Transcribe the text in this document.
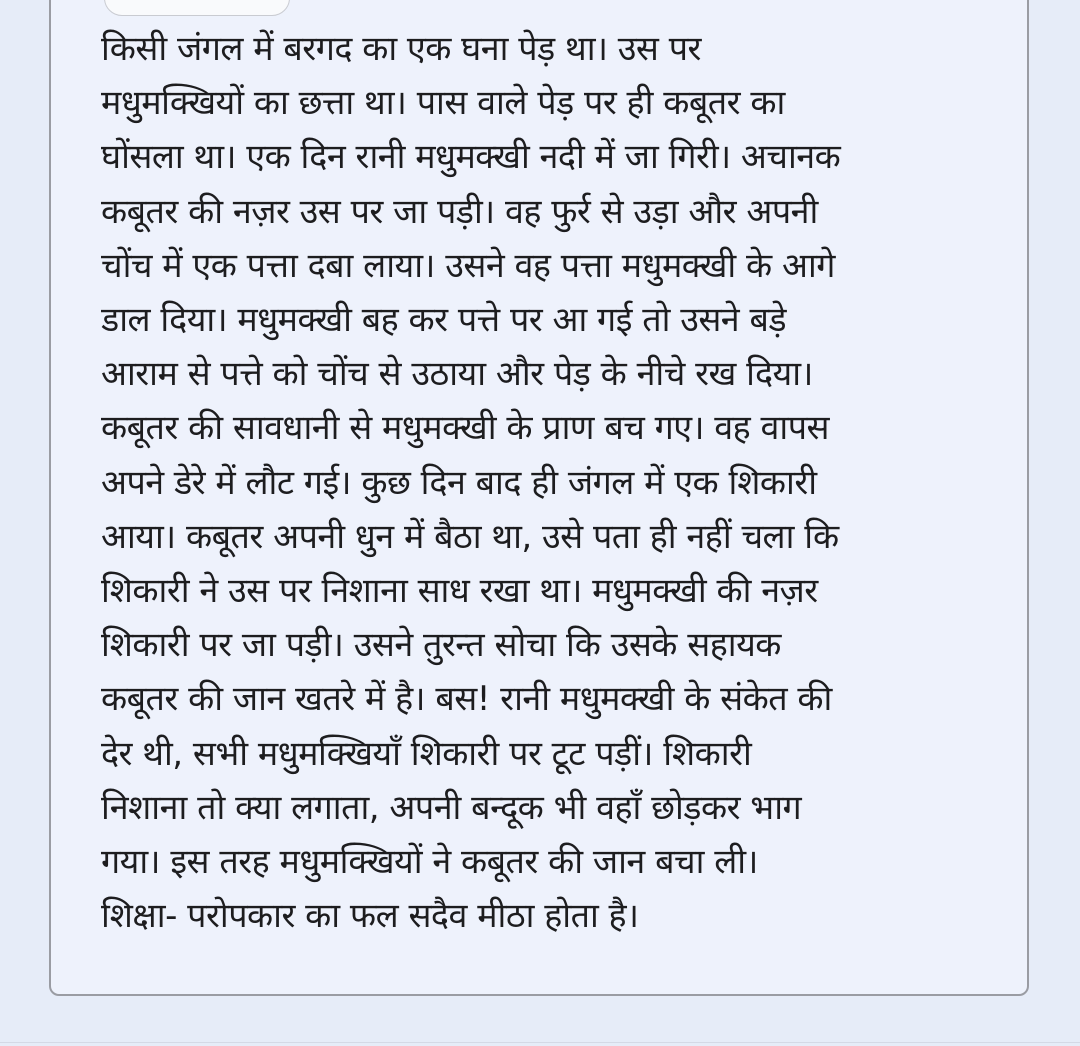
किसी जंगल में बरगद का एक घना पेड़ था। उस पर
मधुमक्खियों का छत्ता था। पास वाले पेड़ पर ही कबूतर का
घोंसला था। एक दिन रानी मधुमक्खी नदी में जा गिरी। अचानक
कबूतर की नज़र उस पर जा पड़ी। वह फुर्र से उड़ा और अपनी
चोंच में एक पत्ता दबा लाया। उसने वह पत्ता मधुमक्खी के आगे
डाल दिया। मधुमक्खी बह कर पत्ते पर आ गई तो उसने बड़े
आराम से पत्ते को चोंच से उठाया और पेड़ के नीचे रख दिया।
कबूतर की सावधानी से मधुमक्खी के प्राण बच गए। वह वापस
अपने डेरे में लौट गई। कुछ दिन बाद ही जंगल में एक शिकारी
आया। कबूतर अपनी धुन में बैठा था, उसे पता ही नहीं चला कि
शिकारी ने उस पर निशाना साध रखा था। मधुमक्खी की नज़र
शिकारी पर जा पड़ी। उसने तुरन्त सोचा कि उसके सहायक
कबूतर की जान खतरे में है। बस! रानी मधुमक्खी के संकेत की
देर थी, सभी मधुमक्खियाँ शिकारी पर टूट पड़ीं। शिकारी
निशाना तो क्या लगाता, अपनी बन्दूक भी वहाँ छोड़कर भाग
गया। इस तरह मधुमक्खियों ने कबूतर की जान बचा ली।
शिक्षा- परोपकार का फल सदैव मीठा होता है।
